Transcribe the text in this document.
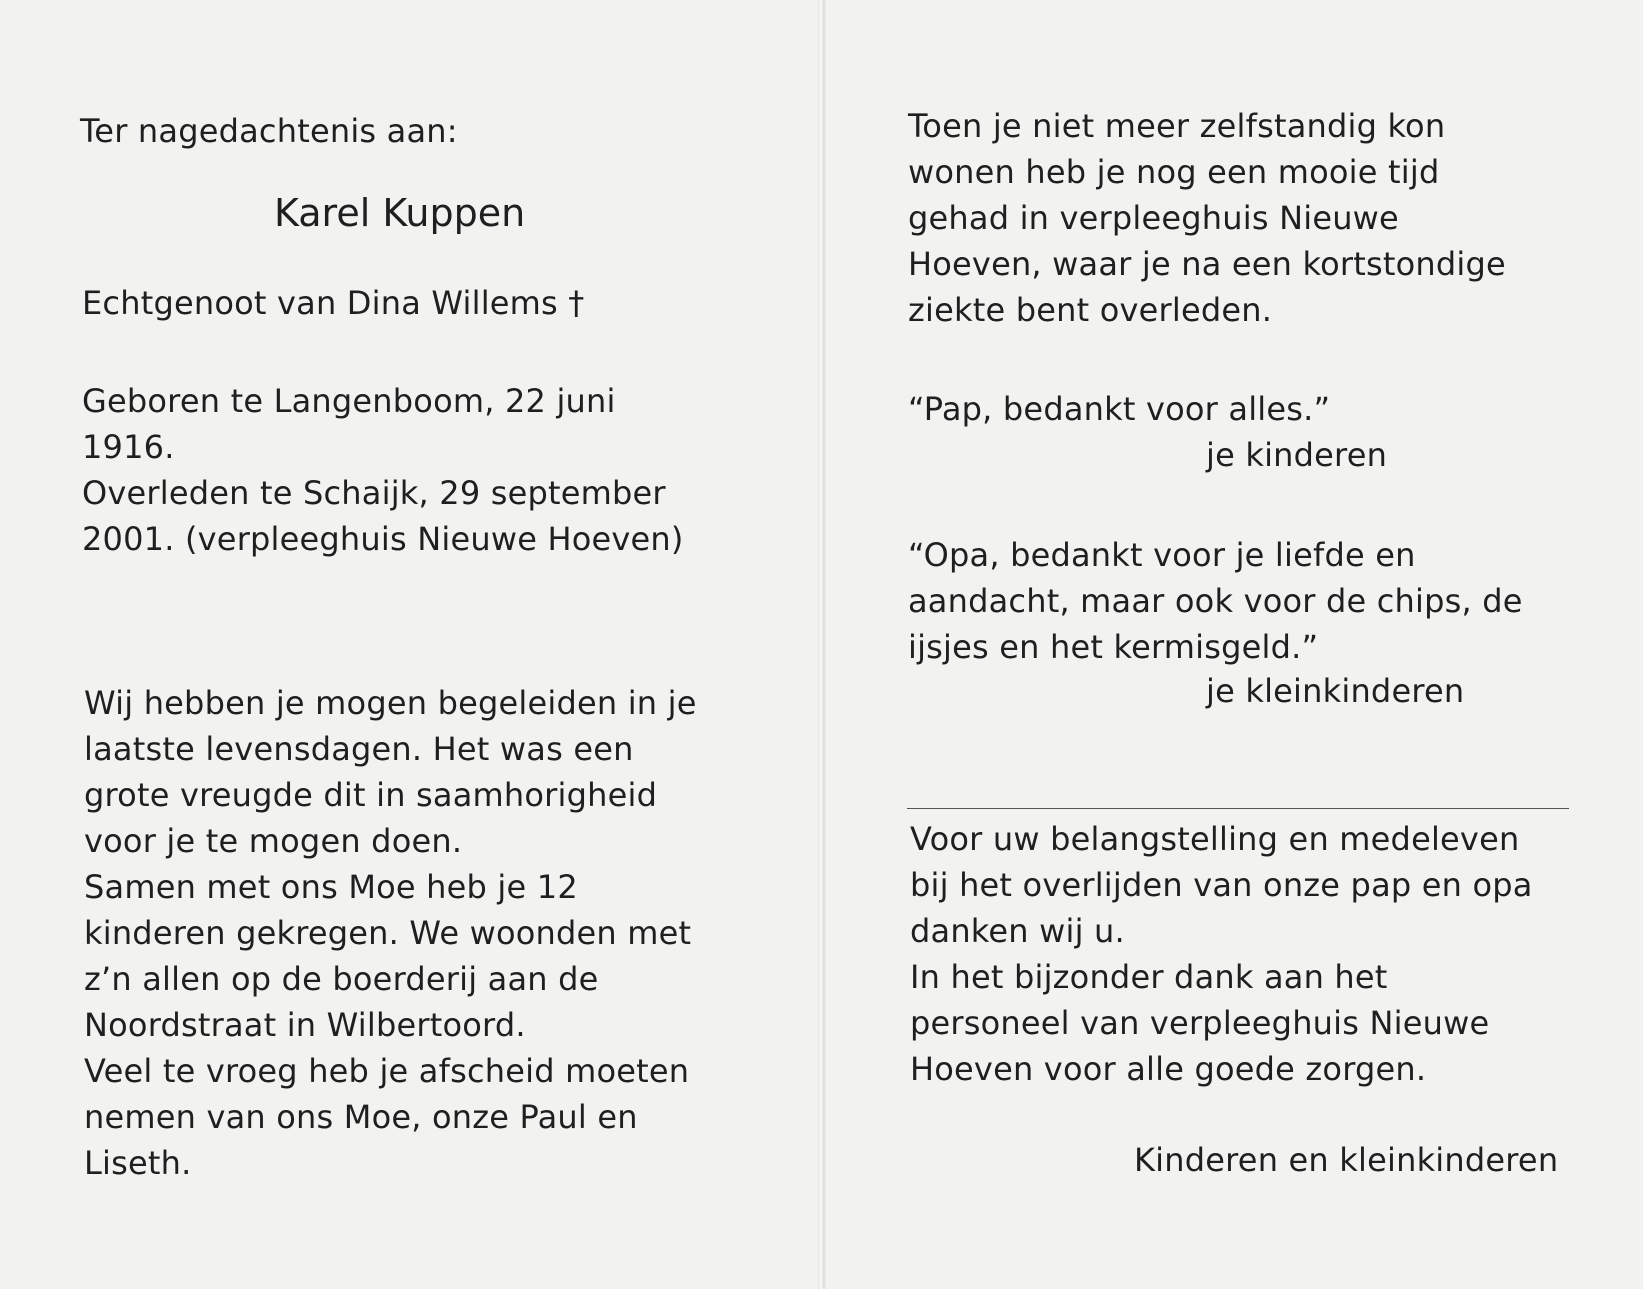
Ter nagedachtenis aan:

Karel Kuppen

Echtgenoot van Dina Willems †

Geboren te Langenboom, 22 juni
1916.
Overleden te Schaijk, 29 september
2001. (verpleeghuis Nieuwe Hoeven)
Wij hebben je mogen begeleiden in je
laatste levensdagen. Het was een
grote vreugde dit in saamhorigheid
voor je te mogen doen.
Samen met ons Moe heb je 12
kinderen gekregen. We woonden met
z’n allen op de boerderij aan de
Noordstraat in Wilbertoord.
Veel te vroeg heb je afscheid moeten
nemen van ons Moe, onze Paul en
Liseth.
Toen je niet meer zelfstandig kon
wonen heb je nog een mooie tijd
gehad in verpleeghuis Nieuwe
Hoeven, waar je na een kortstondige
ziekte bent overleden.

“Pap, bedankt voor alles.”

je kinderen

“Opa, bedankt voor je liefde en
aandacht, maar ook voor de chips, de
ijsjes en het kermisgeld.”

je kleinkinderen

Voor uw belangstelling en medeleven
bij het overlijden van onze pap en opa
danken wij u.
In het bijzonder dank aan het
personeel van verpleeghuis Nieuwe
Hoeven voor alle goede zorgen.

Kinderen en kleinkinderen
